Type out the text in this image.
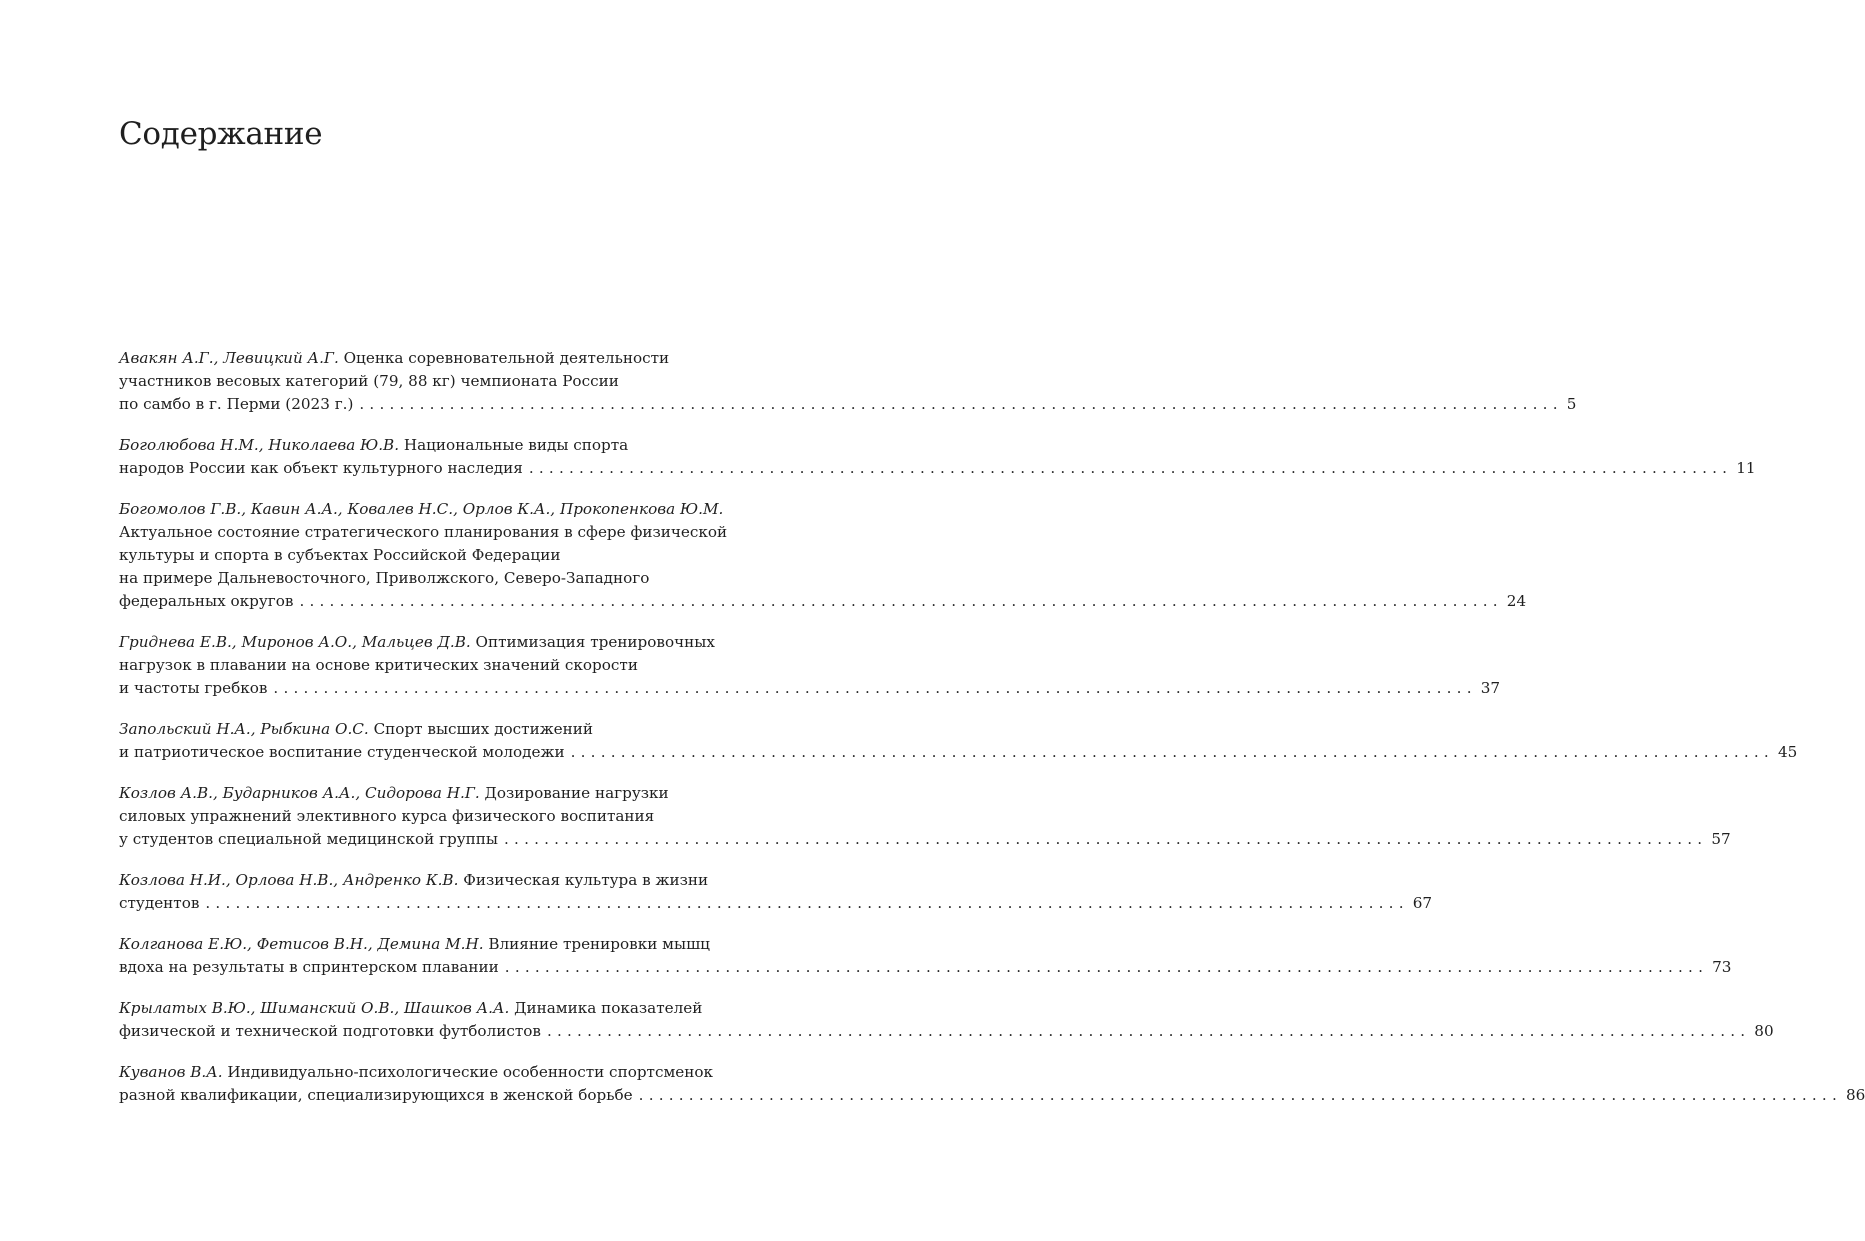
Содержание
Авакян А.Г., Левицкий А.Г. Оценка соревновательной деятельности
участников весовых категорий (79, 88 кг) чемпионата России
по самбо в г. Перми (2023 г.) ........................................................................................................................ 5
Боголюбова Н.М., Николаева Ю.В. Национальные виды спорта
народов России как объект культурного наследия ........................................................................................................................ 11
Богомолов Г.В., Кавин А.А., Ковалев Н.С., Орлов К.А., Прокопенкова Ю.М.
Актуальное состояние стратегического планирования в сфере физической
культуры и спорта в субъектах Российской Федерации
на примере Дальневосточного, Приволжского, Северо-Западного
федеральных округов ........................................................................................................................ 24
Гриднева Е.В., Миронов А.О., Мальцев Д.В. Оптимизация тренировочных
нагрузок в плавании на основе критических значений скорости
и частоты гребков ........................................................................................................................ 37
Запольский Н.А., Рыбкина О.С. Спорт высших достижений
и патриотическое воспитание студенческой молодежи ........................................................................................................................ 45
Козлов А.В., Бударников А.А., Сидорова Н.Г. Дозирование нагрузки
силовых упражнений элективного курса физического воспитания
у студентов специальной медицинской группы ........................................................................................................................ 57
Козлова Н.И., Орлова Н.В., Андренко К.В. Физическая культура в жизни
студентов ........................................................................................................................ 67
Колганова Е.Ю., Фетисов В.Н., Демина М.Н. Влияние тренировки мышц
вдоха на результаты в спринтерском плавании ........................................................................................................................ 73
Крылатых В.Ю., Шиманский О.В., Шашков А.А. Динамика показателей
физической и технической подготовки футболистов ........................................................................................................................ 80
Куванов В.А. Индивидуально-психологические особенности спортсменок
разной квалификации, специализирующихся в женской борьбе ........................................................................................................................ 86
